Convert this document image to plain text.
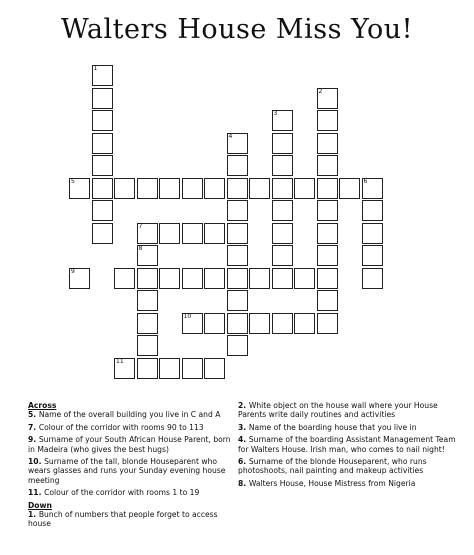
Walters House Miss You!
1
2
3
4
5	6
7
8
9
10
11
Across
5. Name of the overall building you live in C and A
7. Colour of the corridor with rooms 90 to 113
9. Surname of your South African House Parent, born in Madeira (who gives the best hugs)
10. Surname of the tall, blonde Houseparent who wears glasses and runs your Sunday evening house meeting
11. Colour of the corridor with rooms 1 to 19
Down
1. Bunch of numbers that people forget to access house
2. White object on the house wall where your House Parents write daily routines and activities
3. Name of the boarding house that you live in
4. Surname of the boarding Assistant Management Team for Walters House. Irish man, who comes to nail night!
6. Surname of the blonde Houseparent, who runs photoshoots, nail painting and makeup activities
8. Walters House, House Mistress from Nigeria
